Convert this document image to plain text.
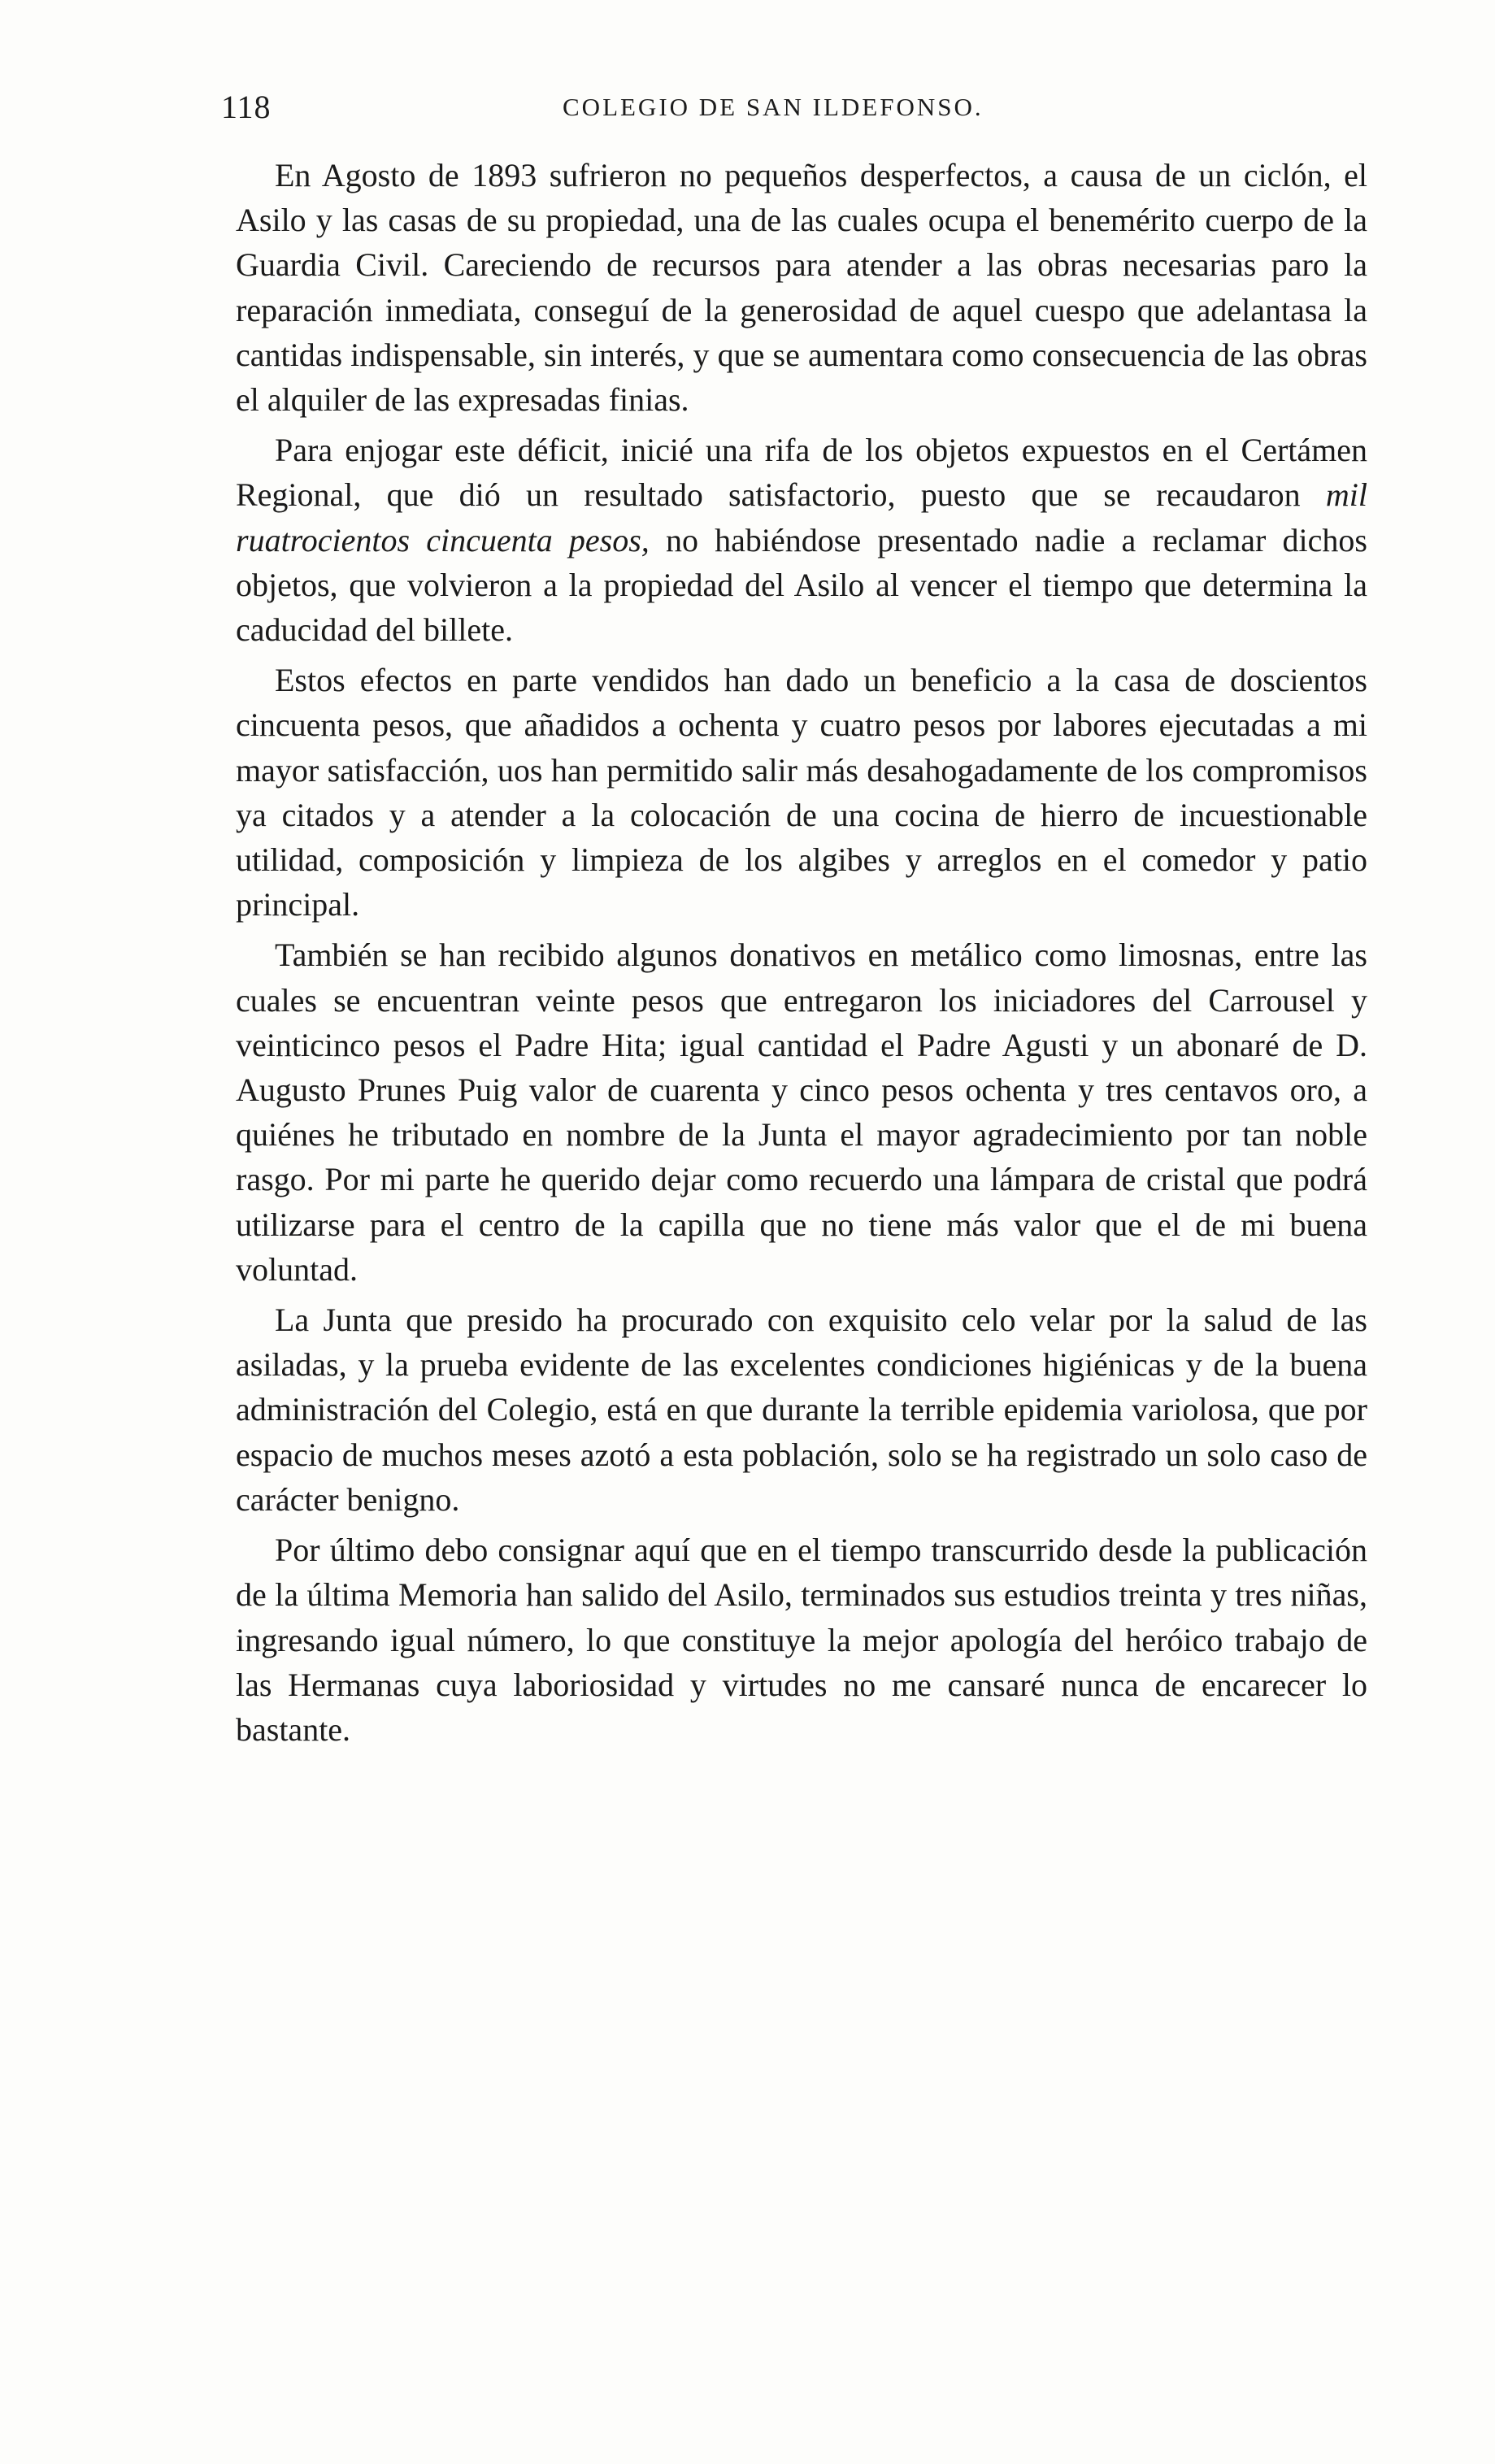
118	COLEGIO DE SAN ILDEFONSO.

En Agosto de 1893 sufrieron no pequeños desperfectos, a causa de un ciclón, el Asilo y las casas de su propiedad, una de las cuales ocupa el benemérito cuerpo de la Guardia Civil. Careciendo de recursos para atender a las obras necesarias paro la reparación inmediata, conseguí de la generosidad de aquel cuespo que adelantasa la cantidas indispensable, sin interés, y que se aumentara como consecuencia de las obras el alquiler de las expresadas finias.

Para enjogar este déficit, inicié una rifa de los objetos expuestos en el Certámen Regional, que dió un resultado satisfactorio, puesto que se recaudaron mil ruatrocientos cincuenta pesos, no habiéndose presentado nadie a reclamar dichos objetos, que volvieron a la propiedad del Asilo al vencer el tiempo que determina la caducidad del billete.

Estos efectos en parte vendidos han dado un beneficio a la casa de doscientos cincuenta pesos, que añadidos a ochenta y cuatro pesos por labores ejecutadas a mi mayor satisfacción, uos han permitido salir más desahogadamente de los compromisos ya citados y a atender a la colocación de una cocina de hierro de incuestionable utilidad, composición y limpieza de los algibes y arreglos en el comedor y patio principal.

También se han recibido algunos donativos en metálico como limosnas, entre las cuales se encuentran veinte pesos que entregaron los iniciadores del Carrousel y veinticinco pesos el Padre Hita; igual cantidad el Padre Agusti y un abonaré de D. Augusto Prunes Puig valor de cuarenta y cinco pesos ochenta y tres centavos oro, a quiénes he tributado en nombre de la Junta el mayor agradecimiento por tan noble rasgo. Por mi parte he querido dejar como recuerdo una lámpara de cristal que podrá utilizarse para el centro de la capilla que no tiene más valor que el de mi buena voluntad.

La Junta que presido ha procurado con exquisito celo velar por la salud de las asiladas, y la prueba evidente de las excelentes condiciones higiénicas y de la buena administración del Colegio, está en que durante la terrible epidemia variolosa, que por espacio de muchos meses azotó a esta población, solo se ha registrado un solo caso de carácter benigno.

Por último debo consignar aquí que en el tiempo transcurrido desde la publicación de la última Memoria han salido del Asilo, terminados sus estudios treinta y tres niñas, ingresando igual número, lo que constituye la mejor apología del heróico trabajo de las Hermanas cuya laboriosidad y virtudes no me cansaré nunca de encarecer lo bastante.
